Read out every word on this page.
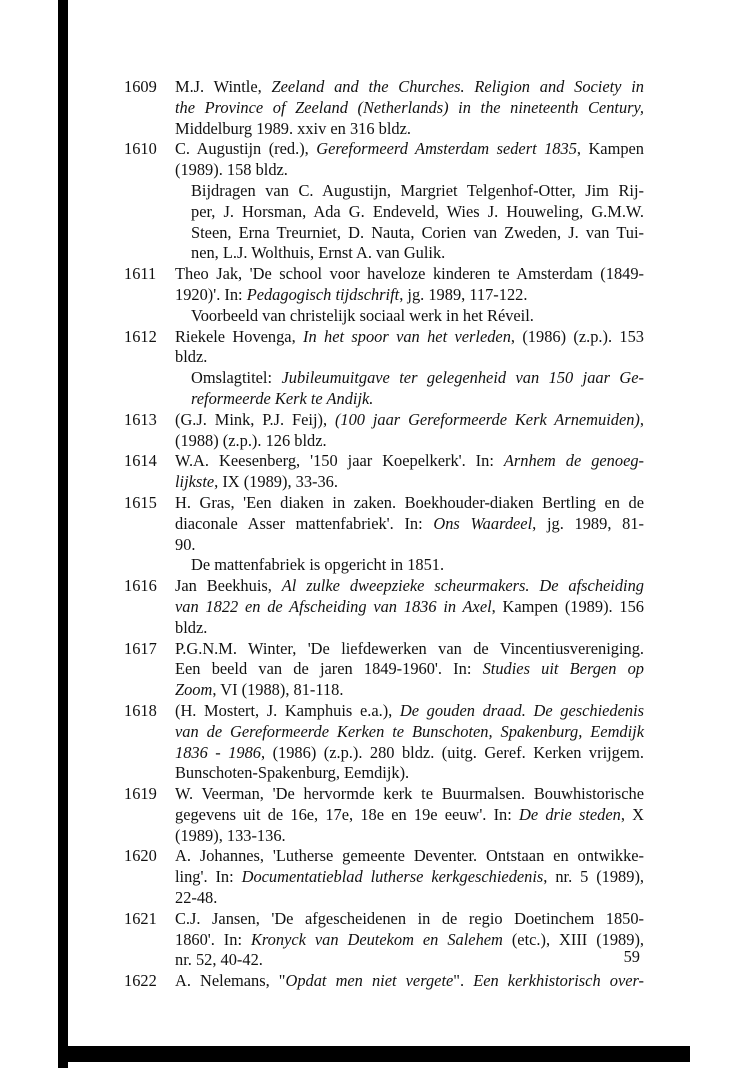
1609	M.J. Wintle, Zeeland and the Churches. Religion and Society in
the Province of Zeeland (Netherlands) in the nineteenth Century,
Middelburg 1989. xxiv en 316 bldz.
1610	C. Augustijn (red.), Gereformeerd Amsterdam sedert 1835, Kampen
(1989). 158 bldz.
Bijdragen van C. Augustijn, Margriet Telgenhof-Otter, Jim Rij-
per, J. Horsman, Ada G. Endeveld, Wies J. Houweling, G.M.W.
Steen, Erna Treurniet, D. Nauta, Corien van Zweden, J. van Tui-
nen, L.J. Wolthuis, Ernst A. van Gulik.
1611	Theo Jak, 'De school voor haveloze kinderen te Amsterdam (1849-
1920)'. In: Pedagogisch tijdschrift, jg. 1989, 117-122.
Voorbeeld van christelijk sociaal werk in het Réveil.
1612	Riekele Hovenga, In het spoor van het verleden, (1986) (z.p.). 153
bldz.
Omslagtitel: Jubileumuitgave ter gelegenheid van 150 jaar Ge-
reformeerde Kerk te Andijk.
1613	(G.J. Mink, P.J. Feij), (100 jaar Gereformeerde Kerk Arnemuiden),
(1988) (z.p.). 126 bldz.
1614	W.A. Keesenberg, '150 jaar Koepelkerk'. In: Arnhem de genoeg-
lijkste, IX (1989), 33-36.
1615	H. Gras, 'Een diaken in zaken. Boekhouder-diaken Bertling en de
diaconale Asser mattenfabriek'. In: Ons Waardeel, jg. 1989, 81-
90.
De mattenfabriek is opgericht in 1851.
1616	Jan Beekhuis, Al zulke dweepzieke scheurmakers. De afscheiding
van 1822 en de Afscheiding van 1836 in Axel, Kampen (1989). 156
bldz.
1617	P.G.N.M. Winter, 'De liefdewerken van de Vincentiusvereniging.
Een beeld van de jaren 1849-1960'. In: Studies uit Bergen op
Zoom, VI (1988), 81-118.
1618	(H. Mostert, J. Kamphuis e.a.), De gouden draad. De geschiedenis
van de Gereformeerde Kerken te Bunschoten, Spakenburg, Eemdijk
1836 - 1986, (1986) (z.p.). 280 bldz. (uitg. Geref. Kerken vrijgem.
Bunschoten-Spakenburg, Eemdijk).
1619	W. Veerman, 'De hervormde kerk te Buurmalsen. Bouwhistorische
gegevens uit de 16e, 17e, 18e en 19e eeuw'. In: De drie steden, X
(1989), 133-136.
1620	A. Johannes, 'Lutherse gemeente Deventer. Ontstaan en ontwikke-
ling'. In: Documentatieblad lutherse kerkgeschiedenis, nr. 5 (1989),
22-48.
1621	C.J. Jansen, 'De afgescheidenen in de regio Doetinchem 1850-
1860'. In: Kronyck van Deutekom en Salehem (etc.), XIII (1989),
nr. 52, 40-42.
1622	A. Nelemans, "Opdat men niet vergete". Een kerkhistorisch over-
59
